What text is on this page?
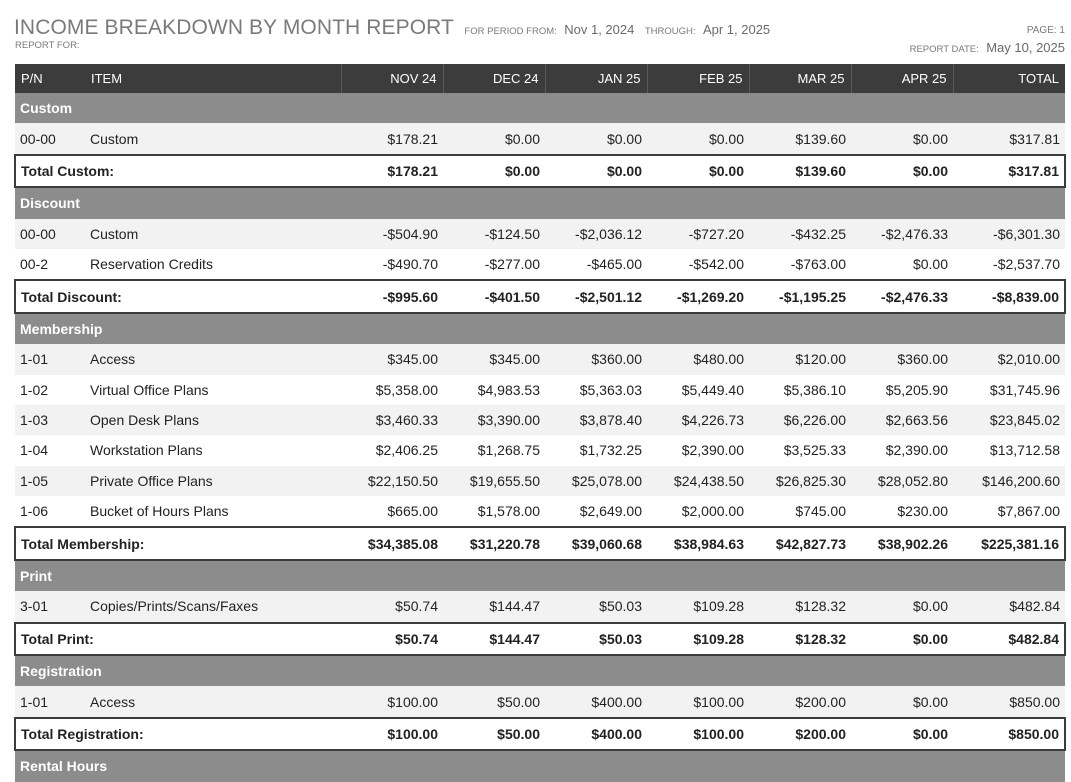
INCOME BREAKDOWN BY MONTH REPORT FOR PERIOD FROM: Nov 1, 2024 THROUGH: Apr 1, 2025
REPORT FOR:
PAGE: 1
REPORT DATE: May 10, 2025
P/N	ITEM	NOV 24	DEC 24	JAN 25	FEB 25	MAR 25	APR 25	TOTAL
Custom								
00-00	Custom	$178.21	$0.00	$0.00	$0.00	$139.60	$0.00	$317.81
Total Custom:		$178.21	$0.00	$0.00	$0.00	$139.60	$0.00	$317.81
Discount								
00-00	Custom	-$504.90	-$124.50	-$2,036.12	-$727.20	-$432.25	-$2,476.33	-$6,301.30
00-2	Reservation Credits	-$490.70	-$277.00	-$465.00	-$542.00	-$763.00	$0.00	-$2,537.70
Total Discount:		-$995.60	-$401.50	-$2,501.12	-$1,269.20	-$1,195.25	-$2,476.33	-$8,839.00
Membership								
1-01	Access	$345.00	$345.00	$360.00	$480.00	$120.00	$360.00	$2,010.00
1-02	Virtual Office Plans	$5,358.00	$4,983.53	$5,363.03	$5,449.40	$5,386.10	$5,205.90	$31,745.96
1-03	Open Desk Plans	$3,460.33	$3,390.00	$3,878.40	$4,226.73	$6,226.00	$2,663.56	$23,845.02
1-04	Workstation Plans	$2,406.25	$1,268.75	$1,732.25	$2,390.00	$3,525.33	$2,390.00	$13,712.58
1-05	Private Office Plans	$22,150.50	$19,655.50	$25,078.00	$24,438.50	$26,825.30	$28,052.80	$146,200.60
1-06	Bucket of Hours Plans	$665.00	$1,578.00	$2,649.00	$2,000.00	$745.00	$230.00	$7,867.00
Total Membership:		$34,385.08	$31,220.78	$39,060.68	$38,984.63	$42,827.73	$38,902.26	$225,381.16
Print								
3-01	Copies/Prints/Scans/Faxes	$50.74	$144.47	$50.03	$109.28	$128.32	$0.00	$482.84
Total Print:		$50.74	$144.47	$50.03	$109.28	$128.32	$0.00	$482.84
Registration								
1-01	Access	$100.00	$50.00	$400.00	$100.00	$200.00	$0.00	$850.00
Total Registration:		$100.00	$50.00	$400.00	$100.00	$200.00	$0.00	$850.00
Rental Hours								
